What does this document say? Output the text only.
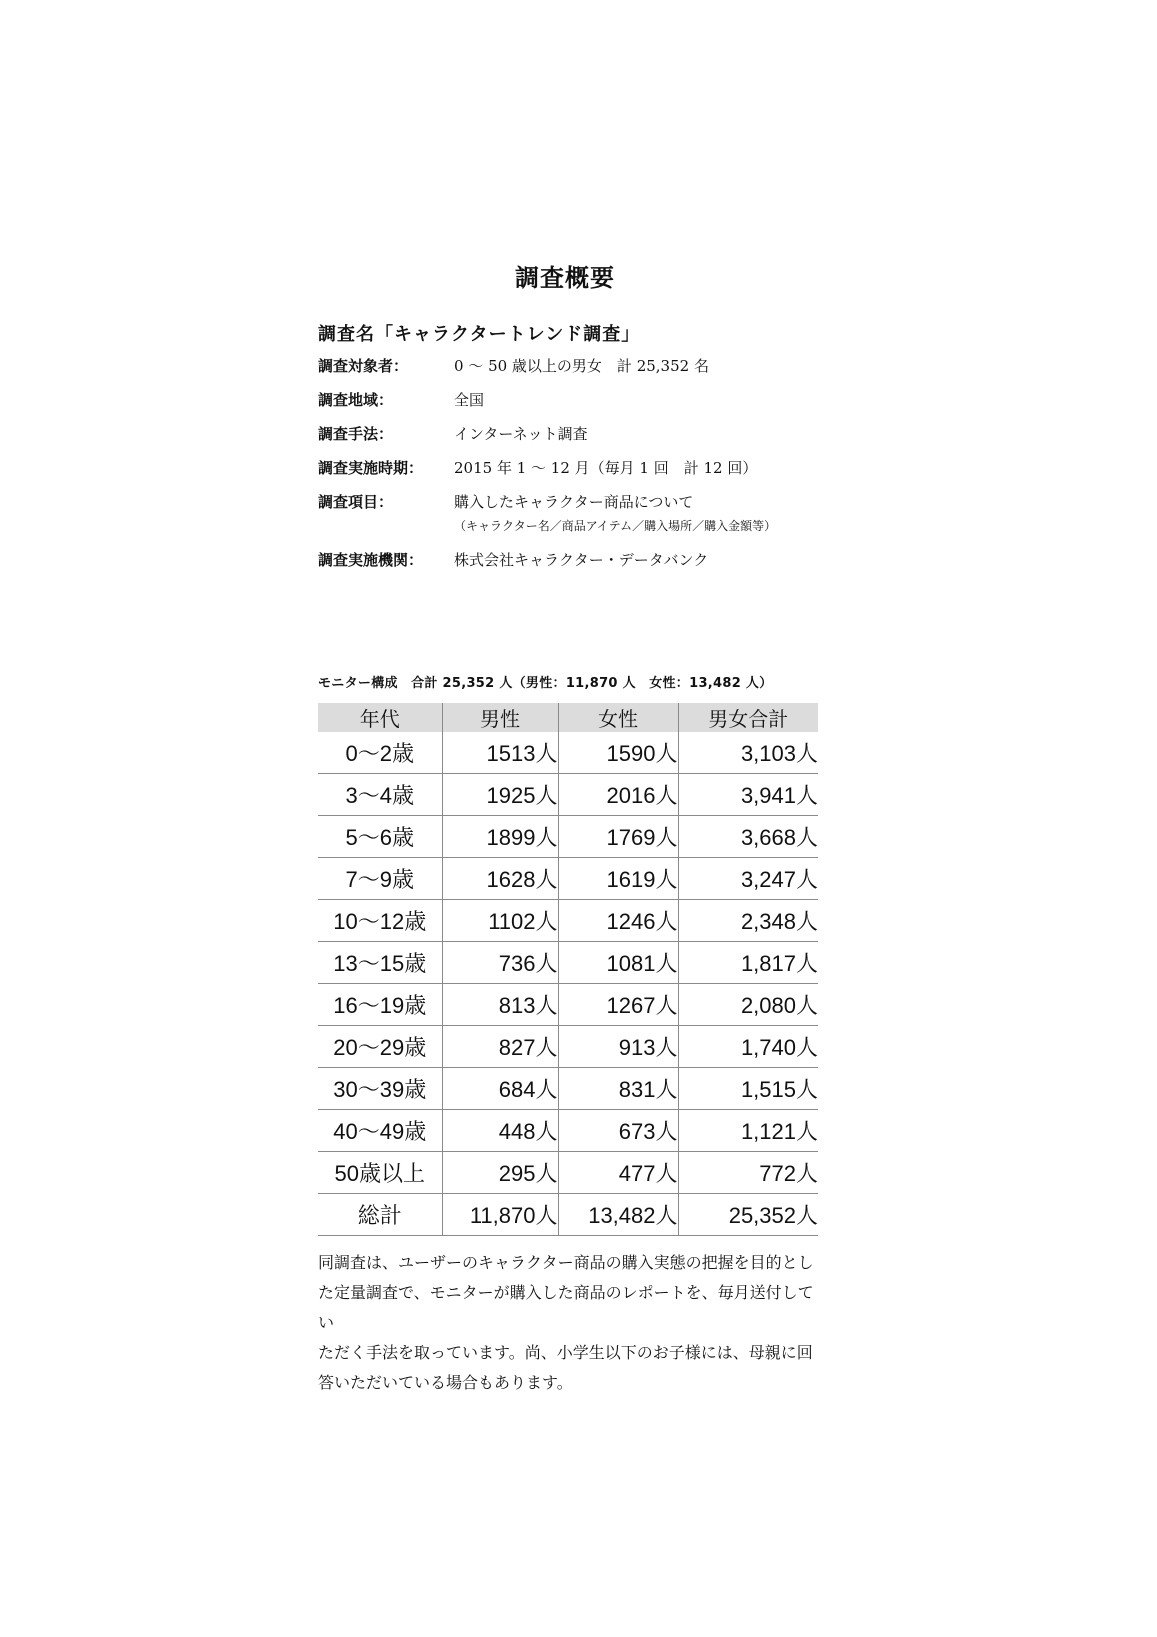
調査概要
調査名「キャラクタートレンド調査」
調査対象者：	0 ～ 50 歳以上の男女　計 25,352 名
調査地域：	全国
調査手法：	インターネット調査
調査実施時期：	2015 年 1 ～ 12 月（毎月 1 回　計 12 回）
調査項目：	購入したキャラクター商品について
（キャラクター名／商品アイテム／購入場所／購入金額等）
調査実施機関：	株式会社キャラクター・データバンク
モニター構成　合計 25,352 人（男性：11,870 人　女性：13,482 人）
年代	男性	女性	男女合計
0〜2歳	1513人	1590人	3,103人
3〜4歳	1925人	2016人	3,941人
5〜6歳	1899人	1769人	3,668人
7〜9歳	1628人	1619人	3,247人
10〜12歳	1102人	1246人	2,348人
13〜15歳	736人	1081人	1,817人
16〜19歳	813人	1267人	2,080人
20〜29歳	827人	913人	1,740人
30〜39歳	684人	831人	1,515人
40〜49歳	448人	673人	1,121人
50歳以上	295人	477人	772人
総計	11,870人	13,482人	25,352人
同調査は、ユーザーのキャラクター商品の購入実態の把握を目的とし
た定量調査で、モニターが購入した商品のレポートを、毎月送付してい
ただく手法を取っています。尚、小学生以下のお子様には、母親に回
答いただいている場合もあります。
